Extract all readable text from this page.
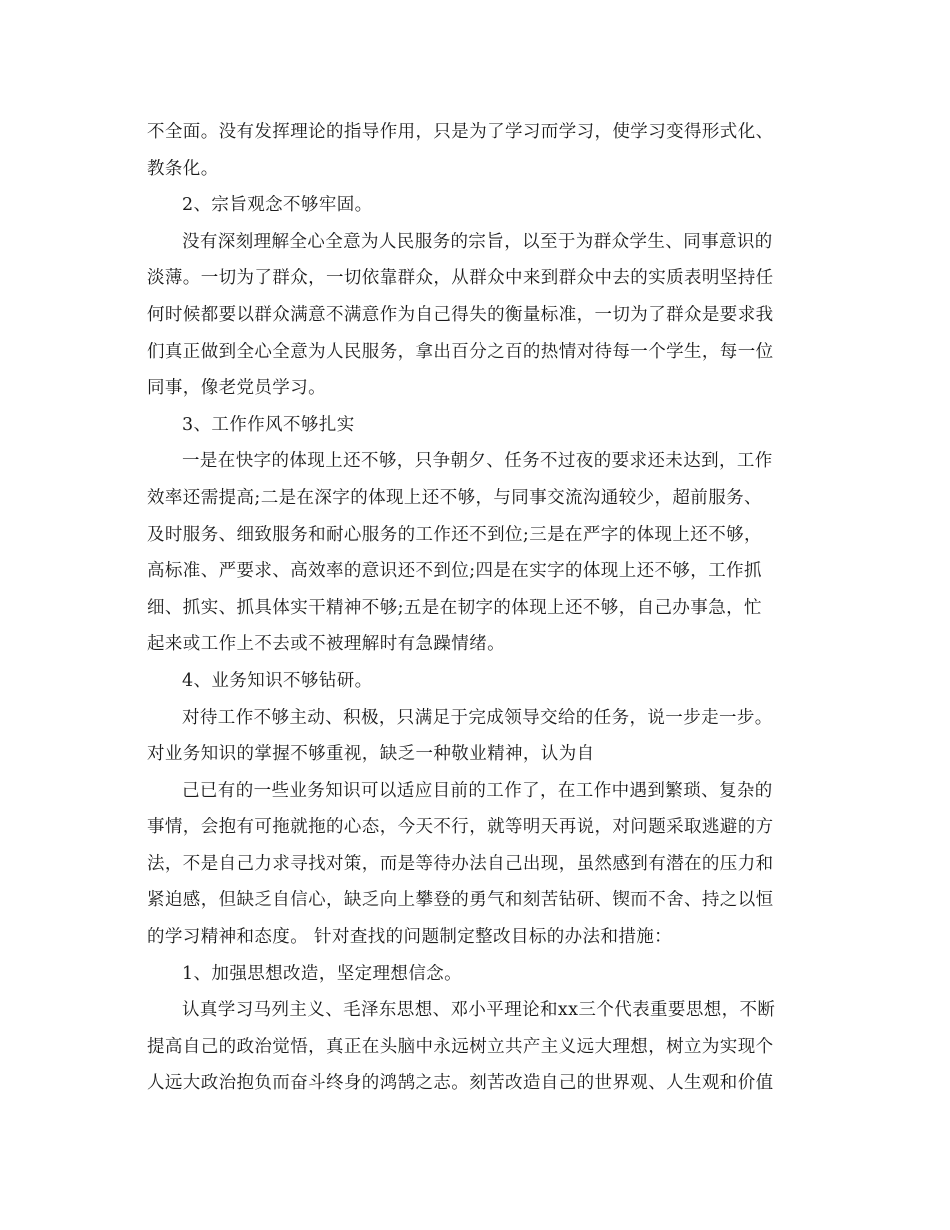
不全面。没有发挥理论的指导作用，只是为了学习而学习，使学习变得形式化、
教条化。
2、宗旨观念不够牢固。
没有深刻理解全心全意为人民服务的宗旨，以至于为群众学生、同事意识的
淡薄。一切为了群众，一切依靠群众，从群众中来到群众中去的实质表明坚持任
何时候都要以群众满意不满意作为自己得失的衡量标准，一切为了群众是要求我
们真正做到全心全意为人民服务，拿出百分之百的热情对待每一个学生，每一位
同事，像老党员学习。
3、工作作风不够扎实
一是在快字的体现上还不够，只争朝夕、任务不过夜的要求还未达到，工作
效率还需提高;二是在深字的体现上还不够，与同事交流沟通较少，超前服务、
及时服务、细致服务和耐心服务的工作还不到位;三是在严字的体现上还不够，
高标准、严要求、高效率的意识还不到位;四是在实字的体现上还不够，工作抓
细、抓实、抓具体实干精神不够;五是在韧字的体现上还不够，自己办事急，忙
起来或工作上不去或不被理解时有急躁情绪。
4、业务知识不够钻研。
对待工作不够主动、积极，只满足于完成领导交给的任务，说一步走一步。
对业务知识的掌握不够重视，缺乏一种敬业精神，认为自
己已有的一些业务知识可以适应目前的工作了，在工作中遇到繁琐、复杂的
事情，会抱有可拖就拖的心态，今天不行，就等明天再说，对问题采取逃避的方
法，不是自己力求寻找对策，而是等待办法自己出现，虽然感到有潜在的压力和
紧迫感，但缺乏自信心，缺乏向上攀登的勇气和刻苦钻研、锲而不舍、持之以恒
的学习精神和态度。 针对查找的问题制定整改目标的办法和措施：
1、加强思想改造，坚定理想信念。
认真学习马列主义、毛泽东思想、邓小平理论和xx三个代表重要思想，不断
提高自己的政治觉悟，真正在头脑中永远树立共产主义远大理想，树立为实现个
人远大政治抱负而奋斗终身的鸿鹄之志。刻苦改造自己的世界观、人生观和价值
